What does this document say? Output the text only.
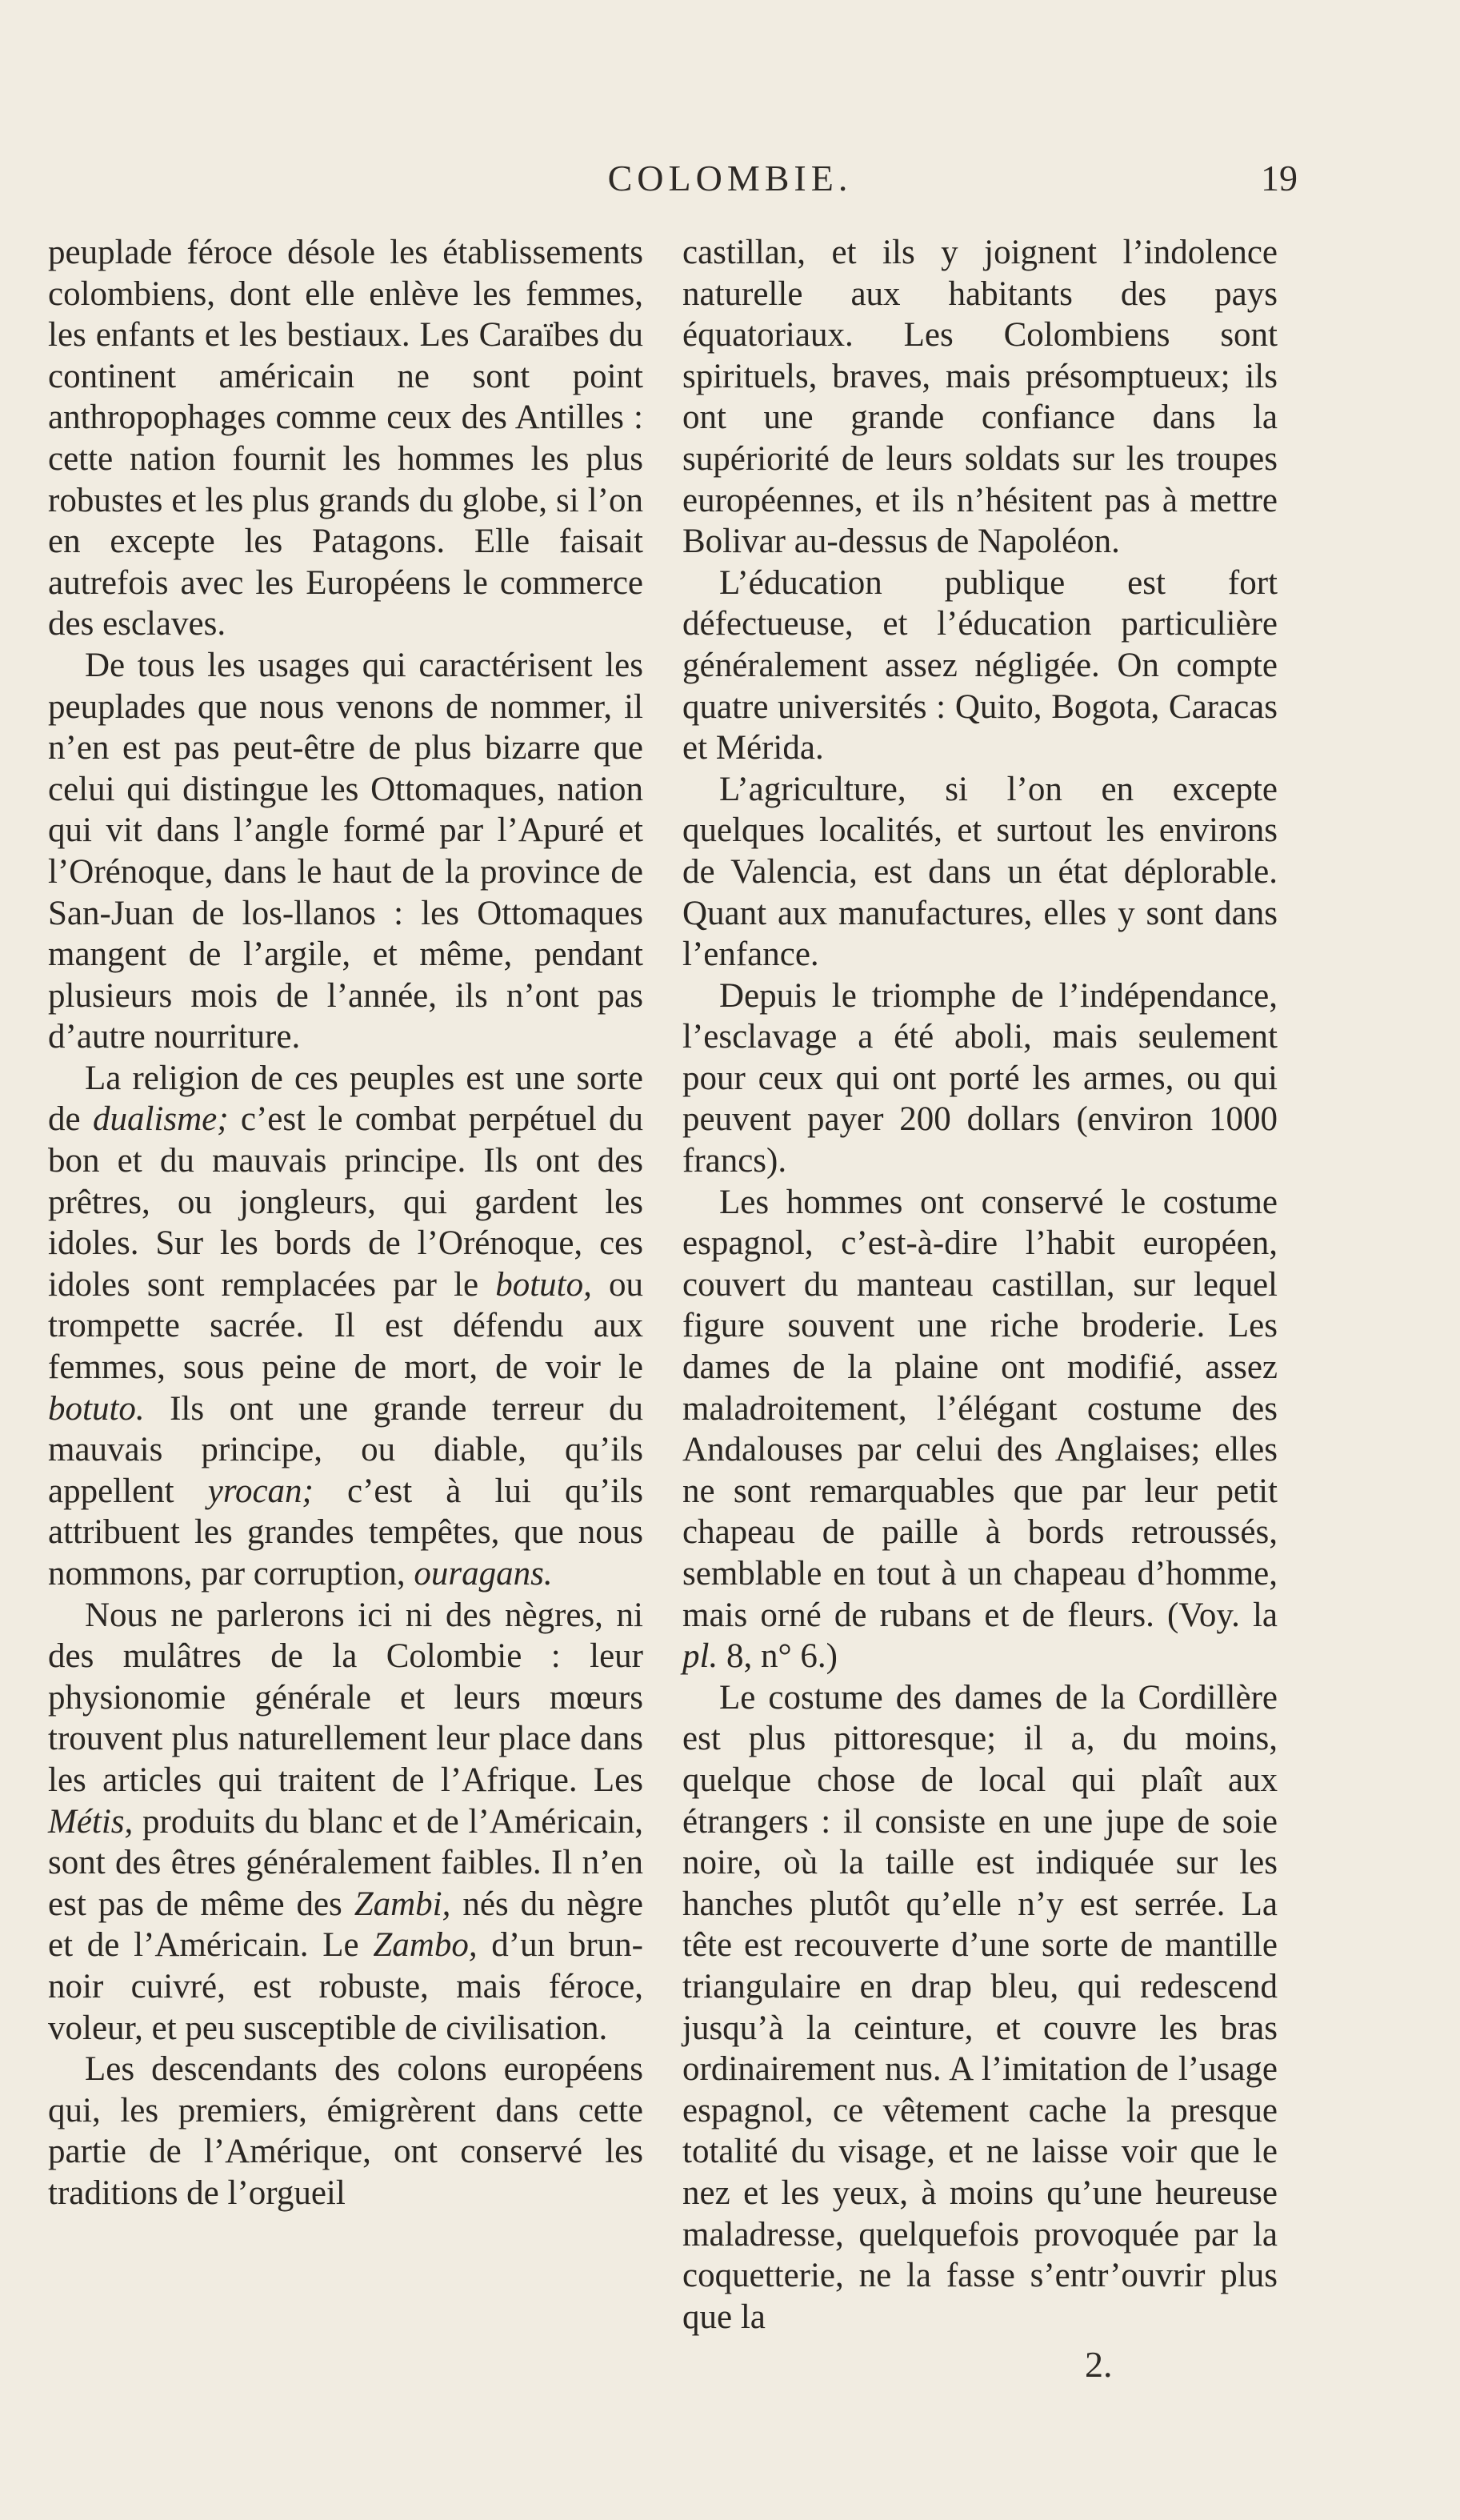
COLOMBIE.	19

peuplade féroce désole les établissements colombiens, dont elle enlève les femmes, les enfants et les bestiaux. Les Caraïbes du continent américain ne sont point anthropophages comme ceux des Antilles : cette nation fournit les hommes les plus robustes et les plus grands du globe, si l’on en excepte les Patagons. Elle faisait autrefois avec les Européens le commerce des esclaves.

De tous les usages qui caractérisent les peuplades que nous venons de nommer, il n’en est pas peut-être de plus bizarre que celui qui distingue les Ottomaques, nation qui vit dans l’angle formé par l’Apuré et l’Orénoque, dans le haut de la province de San-Juan de los-llanos : les Ottomaques mangent de l’argile, et même, pendant plusieurs mois de l’année, ils n’ont pas d’autre nourriture.

La religion de ces peuples est une sorte de dualisme; c’est le combat perpétuel du bon et du mauvais principe. Ils ont des prêtres, ou jongleurs, qui gardent les idoles. Sur les bords de l’Orénoque, ces idoles sont remplacées par le botuto, ou trompette sacrée. Il est défendu aux femmes, sous peine de mort, de voir le botuto. Ils ont une grande terreur du mauvais principe, ou diable, qu’ils appellent yrocan; c’est à lui qu’ils attribuent les grandes tempêtes, que nous nommons, par corruption, ouragans.

Nous ne parlerons ici ni des nègres, ni des mulâtres de la Colombie : leur physionomie générale et leurs mœurs trouvent plus naturellement leur place dans les articles qui traitent de l’Afrique. Les Métis, produits du blanc et de l’Américain, sont des êtres généralement faibles. Il n’en est pas de même des Zambi, nés du nègre et de l’Américain. Le Zambo, d’un brun-noir cuivré, est robuste, mais féroce, voleur, et peu susceptible de civilisation.

Les descendants des colons européens qui, les premiers, émigrèrent dans cette partie de l’Amérique, ont conservé les traditions de l’orgueil

castillan, et ils y joignent l’indolence naturelle aux habitants des pays équatoriaux. Les Colombiens sont spirituels, braves, mais présomptueux; ils ont une grande confiance dans la supériorité de leurs soldats sur les troupes européennes, et ils n’hésitent pas à mettre Bolivar au-dessus de Napoléon.

L’éducation publique est fort défectueuse, et l’éducation particulière généralement assez négligée. On compte quatre universités : Quito, Bogota, Caracas et Mérida.

L’agriculture, si l’on en excepte quelques localités, et surtout les environs de Valencia, est dans un état déplorable. Quant aux manufactures, elles y sont dans l’enfance.

Depuis le triomphe de l’indépendance, l’esclavage a été aboli, mais seulement pour ceux qui ont porté les armes, ou qui peuvent payer 200 dollars (environ 1000 francs).

Les hommes ont conservé le costume espagnol, c’est-à-dire l’habit européen, couvert du manteau castillan, sur lequel figure souvent une riche broderie. Les dames de la plaine ont modifié, assez maladroitement, l’élégant costume des Andalouses par celui des Anglaises; elles ne sont remarquables que par leur petit chapeau de paille à bords retroussés, semblable en tout à un chapeau d’homme, mais orné de rubans et de fleurs. (Voy. la pl. 8, n° 6.)

Le costume des dames de la Cordillère est plus pittoresque; il a, du moins, quelque chose de local qui plaît aux étrangers : il consiste en une jupe de soie noire, où la taille est indiquée sur les hanches plutôt qu’elle n’y est serrée. La tête est recouverte d’une sorte de mantille triangulaire en drap bleu, qui redescend jusqu’à la ceinture, et couvre les bras ordinairement nus. A l’imitation de l’usage espagnol, ce vêtement cache la presque totalité du visage, et ne laisse voir que le nez et les yeux, à moins qu’une heureuse maladresse, quelquefois provoquée par la coquetterie, ne la fasse s’entr’ouvrir plus que la

2.
